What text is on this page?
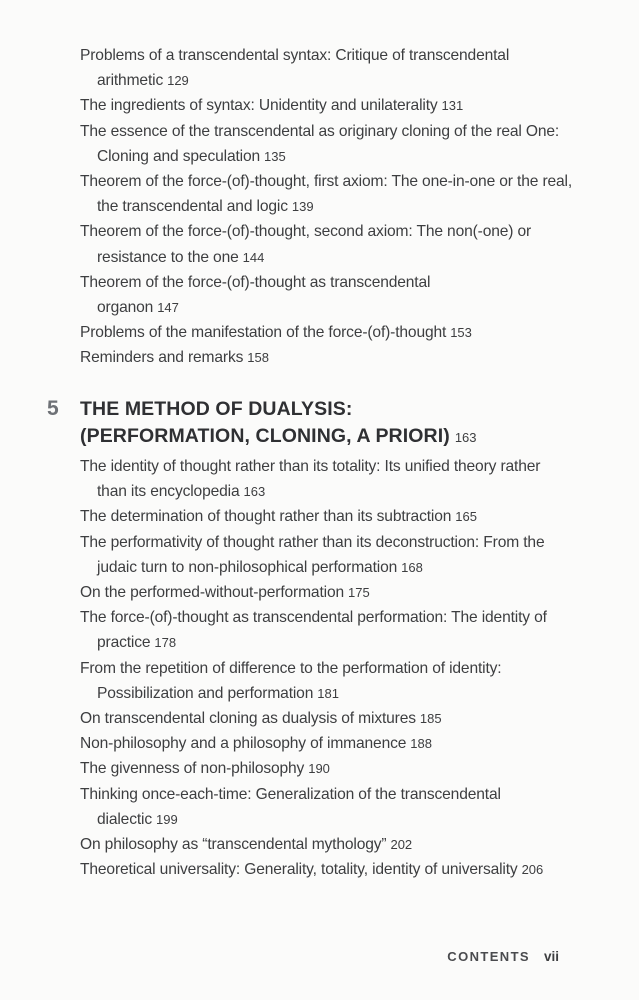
Problems of a transcendental syntax: Critique of transcendental arithmetic 129

The ingredients of syntax: Unidentity and unilaterality 131

The essence of the transcendental as originary cloning of the real One: Cloning and speculation 135

Theorem of the force-(of)-thought, first axiom: The one-in-one or the real, the transcendental and logic 139

Theorem of the force-(of)-thought, second axiom: The non(-one) or resistance to the one 144

Theorem of the force-(of)-thought as transcendental organon 147

Problems of the manifestation of the force-(of)-thought 153

Reminders and remarks 158

5 THE METHOD OF DUALYSIS:
(PERFORMATION, CLONING, A PRIORI) 163

The identity of thought rather than its totality: Its unified theory rather than its encyclopedia 163

The determination of thought rather than its subtraction 165

The performativity of thought rather than its deconstruction: From the judaic turn to non-philosophical performation 168

On the performed-without-performation 175

The force-(of)-thought as transcendental performation: The identity of practice 178

From the repetition of difference to the performation of identity: Possibilization and performation 181

On transcendental cloning as dualysis of mixtures 185

Non-philosophy and a philosophy of immanence 188

The givenness of non-philosophy 190

Thinking once-each-time: Generalization of the transcendental dialectic 199

On philosophy as “transcendental mythology” 202

Theoretical universality: Generality, totality, identity of universality 206

CONTENTS vii
